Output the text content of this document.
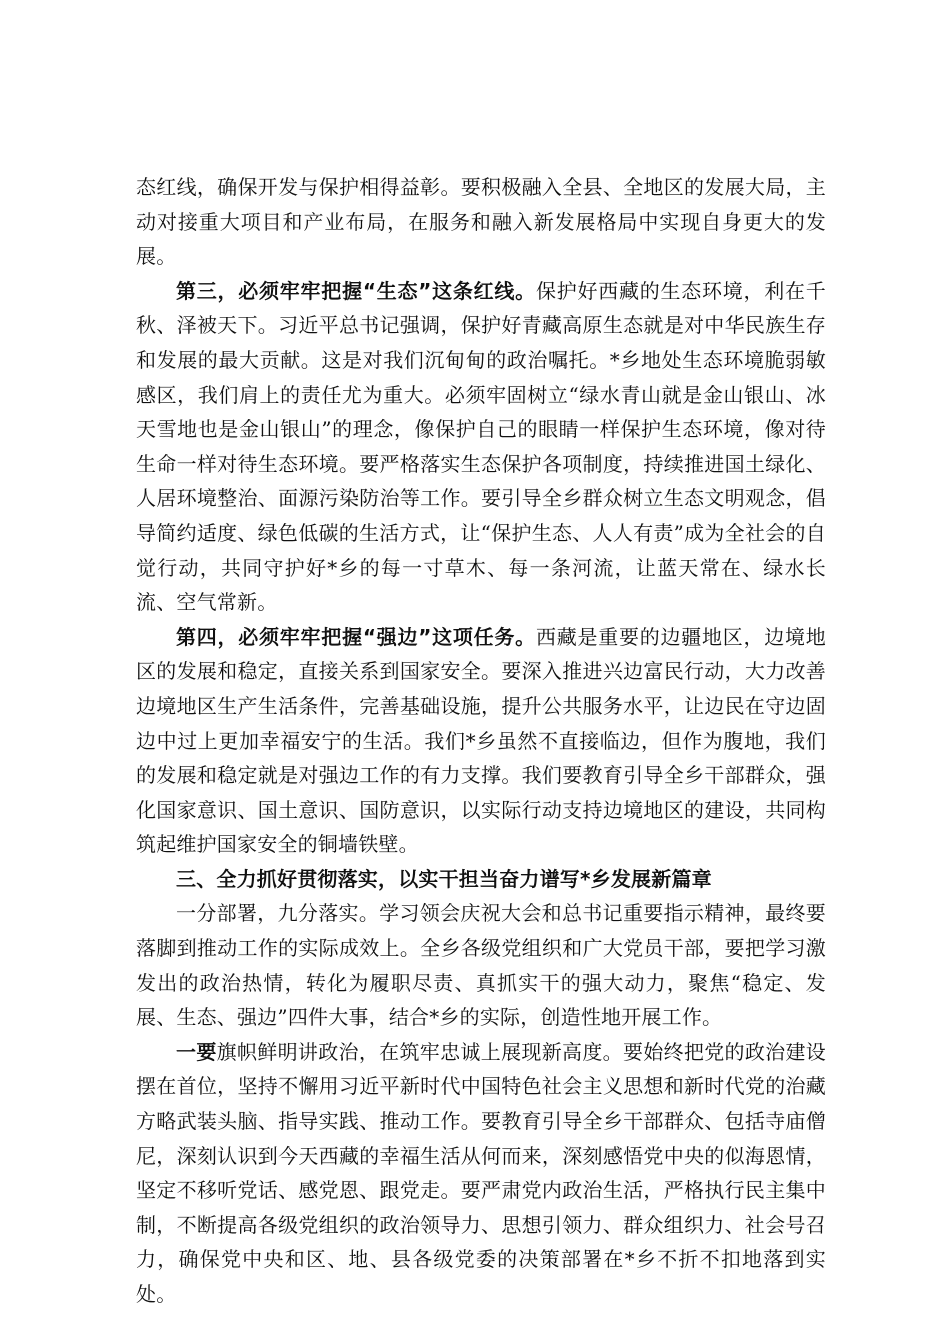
态红线，确保开发与保护相得益彰。要积极融入全县、全地区的发展大局，主动对接重大项目和产业布局，在服务和融入新发展格局中实现自身更大的发展。

第三，必须牢牢把握“生态”这条红线。保护好西藏的生态环境，利在千秋、泽被天下。习近平总书记强调，保护好青藏高原生态就是对中华民族生存和发展的最大贡献。这是对我们沉甸甸的政治嘱托。*乡地处生态环境脆弱敏感区，我们肩上的责任尤为重大。必须牢固树立“绿水青山就是金山银山、冰天雪地也是金山银山”的理念，像保护自己的眼睛一样保护生态环境，像对待生命一样对待生态环境。要严格落实生态保护各项制度，持续推进国土绿化、人居环境整治、面源污染防治等工作。要引导全乡群众树立生态文明观念，倡导简约适度、绿色低碳的生活方式，让“保护生态、人人有责”成为全社会的自觉行动，共同守护好*乡的每一寸草木、每一条河流，让蓝天常在、绿水长流、空气常新。

第四，必须牢牢把握“强边”这项任务。西藏是重要的边疆地区，边境地区的发展和稳定，直接关系到国家安全。要深入推进兴边富民行动，大力改善边境地区生产生活条件，完善基础设施，提升公共服务水平，让边民在守边固边中过上更加幸福安宁的生活。我们*乡虽然不直接临边，但作为腹地，我们的发展和稳定就是对强边工作的有力支撑。我们要教育引导全乡干部群众，强化国家意识、国土意识、国防意识，以实际行动支持边境地区的建设，共同构筑起维护国家安全的铜墙铁壁。

三、全力抓好贯彻落实，以实干担当奋力谱写*乡发展新篇章

一分部署，九分落实。学习领会庆祝大会和总书记重要指示精神，最终要落脚到推动工作的实际成效上。全乡各级党组织和广大党员干部，要把学习激发出的政治热情，转化为履职尽责、真抓实干的强大动力，聚焦“稳定、发展、生态、强边”四件大事，结合*乡的实际，创造性地开展工作。

一要旗帜鲜明讲政治，在筑牢忠诚上展现新高度。要始终把党的政治建设摆在首位，坚持不懈用习近平新时代中国特色社会主义思想和新时代党的治藏方略武装头脑、指导实践、推动工作。要教育引导全乡干部群众、包括寺庙僧尼，深刻认识到今天西藏的幸福生活从何而来，深刻感悟党中央的似海恩情，坚定不移听党话、感党恩、跟党走。要严肃党内政治生活，严格执行民主集中制，不断提高各级党组织的政治领导力、思想引领力、群众组织力、社会号召力，确保党中央和区、地、县各级党委的决策部署在*乡不折不扣地落到实处。
